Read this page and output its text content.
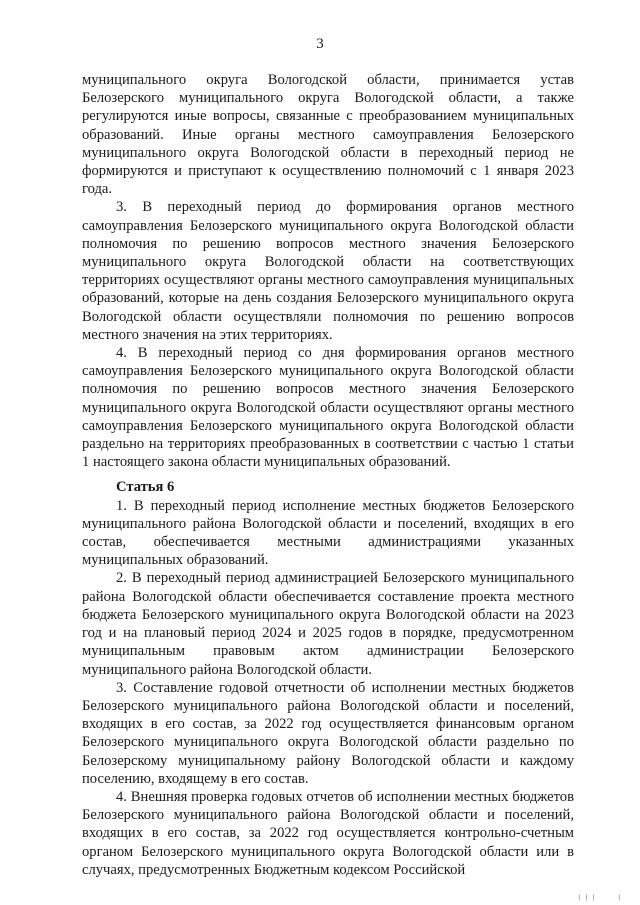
3

муниципального округа Вологодской области, принимается устав Белозерского муниципального округа Вологодской области, а также регулируются иные вопросы, связанные с преобразованием муниципальных образований. Иные органы местного самоуправления Белозерского муниципального округа Вологодской области в переходный период не формируются и приступают к осуществлению полномочий с 1 января 2023 года.

3. В переходный период до формирования органов местного самоуправления Белозерского муниципального округа Вологодской области полномочия по решению вопросов местного значения Белозерского муниципального округа Вологодской области на соответствующих территориях осуществляют органы местного самоуправления муниципальных образований, которые на день создания Белозерского муниципального округа Вологодской области осуществляли полномочия по решению вопросов местного значения на этих территориях.

4. В переходный период со дня формирования органов местного самоуправления Белозерского муниципального округа Вологодской области полномочия по решению вопросов местного значения Белозерского муниципального округа Вологодской области осуществляют органы местного самоуправления Белозерского муниципального округа Вологодской области раздельно на территориях преобразованных в соответствии с частью 1 статьи 1 настоящего закона области муниципальных образований.

Статья 6

1. В переходный период исполнение местных бюджетов Белозерского муниципального района Вологодской области и поселений, входящих в его состав, обеспечивается местными администрациями указанных муниципальных образований.

2. В переходный период администрацией Белозерского муниципального района Вологодской области обеспечивается составление проекта местного бюджета Белозерского муниципального округа Вологодской области на 2023 год и на плановый период 2024 и 2025 годов в порядке, предусмотренном муниципальным правовым актом администрации Белозерского муниципального района Вологодской области.

3. Составление годовой отчетности об исполнении местных бюджетов Белозерского муниципального района Вологодской области и поселений, входящих в его состав, за 2022 год осуществляется финансовым органом Белозерского муниципального округа Вологодской области раздельно по Белозерскому муниципальному району Вологодской области и каждому поселению, входящему в его состав.

4. Внешняя проверка годовых отчетов об исполнении местных бюджетов Белозерского муниципального района Вологодской области и поселений, входящих в его состав, за 2022 год осуществляется контрольно-счетным органом Белозерского муниципального округа Вологодской области или в случаях, предусмотренных Бюджетным кодексом Российской

| | |      |
